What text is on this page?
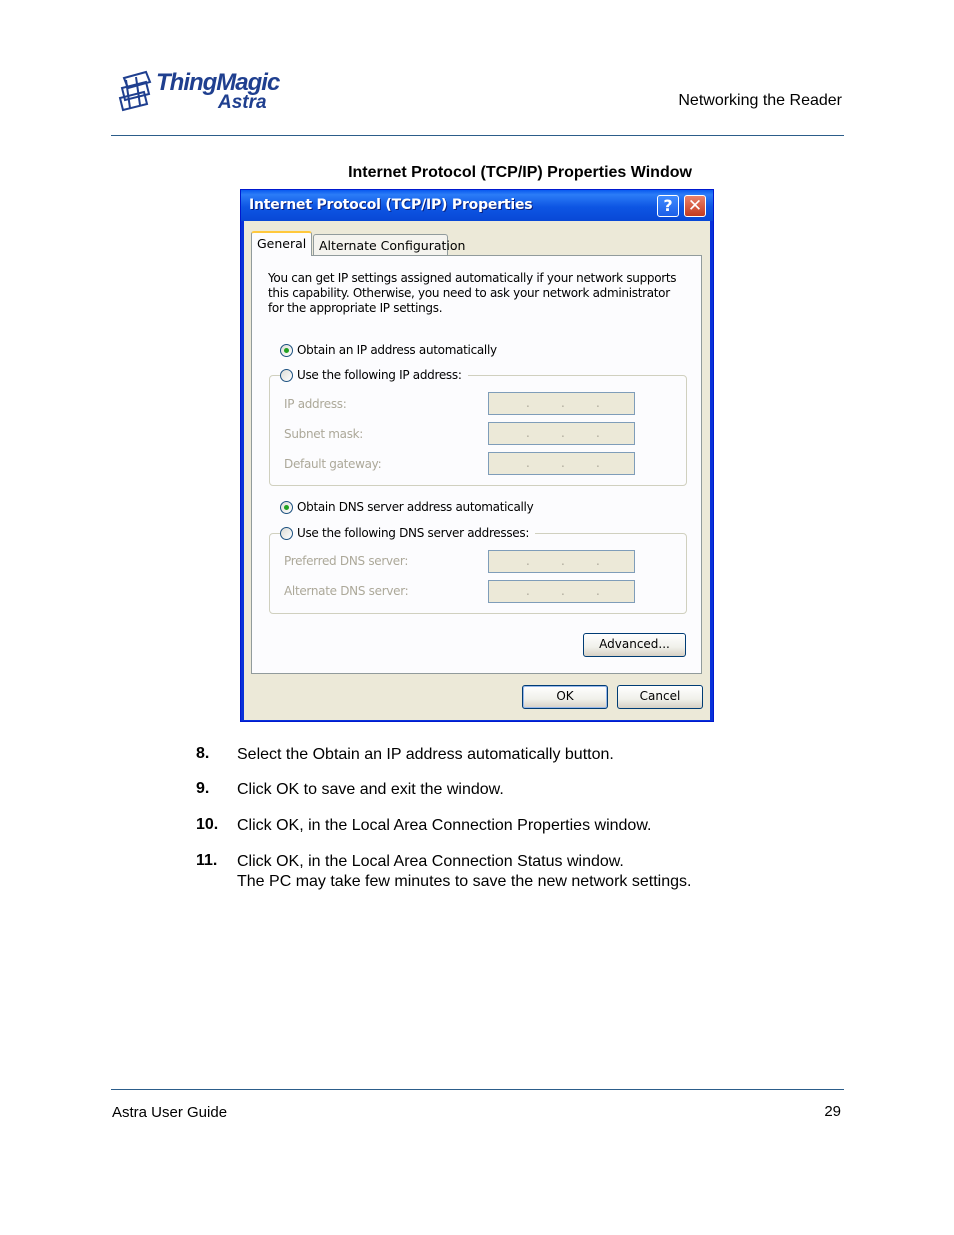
ThingMagic
Astra	Networking the Reader
Internet Protocol (TCP/IP) Properties Window
Internet Protocol (TCP/IP) Properties	? ✕
General	Alternate Configuration
You can get IP settings assigned automatically if your network supports this capability. Otherwise, you need to ask your network administrator for the appropriate IP settings.
Obtain an IP address automatically
Use the following IP address:
IP address:	.	.	.
Subnet mask:	.	.	.
Default gateway:	.	.	.
Obtain DNS server address automatically
Use the following DNS server addresses:
Preferred DNS server:	.	.	.
Alternate DNS server:	.	.	.
Advanced...
OK	Cancel
8. Select the Obtain an IP address automatically button.
9. Click OK to save and exit the window.
10. Click OK, in the Local Area Connection Properties window.
11. Click OK, in the Local Area Connection Status window.
The PC may take few minutes to save the new network settings.
Astra User Guide	29
